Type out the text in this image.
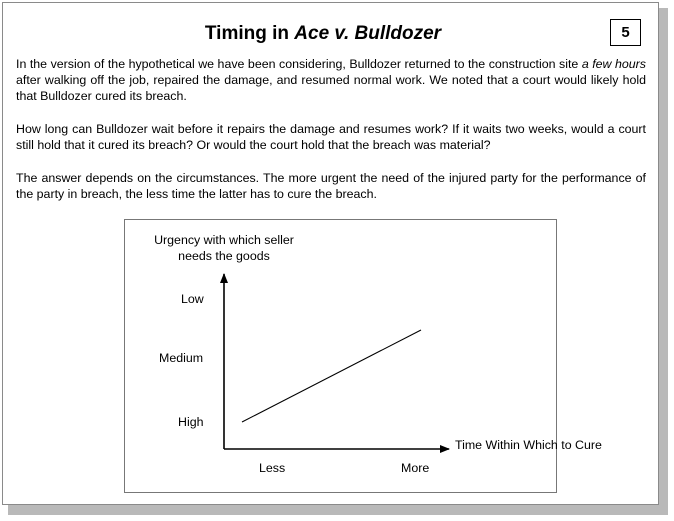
Timing in Ace v. Bulldozer	5

In the version of the hypothetical we have been considering, Bulldozer returned to the construction site a few hours after walking off the job, repaired the damage, and resumed normal work. We noted that a court would likely hold that Bulldozer cured its breach.

How long can Bulldozer wait before it repairs the damage and resumes work? If it waits two weeks, would a court still hold that it cured its breach? Or would the court hold that the breach was material?

The answer depends on the circumstances. The more urgent the need of the injured party for the performance of the party in breach, the less time the latter has to cure the breach.

Urgency with which seller needs the goods
Low
Medium
High
Less	More
Time Within Which to Cure
